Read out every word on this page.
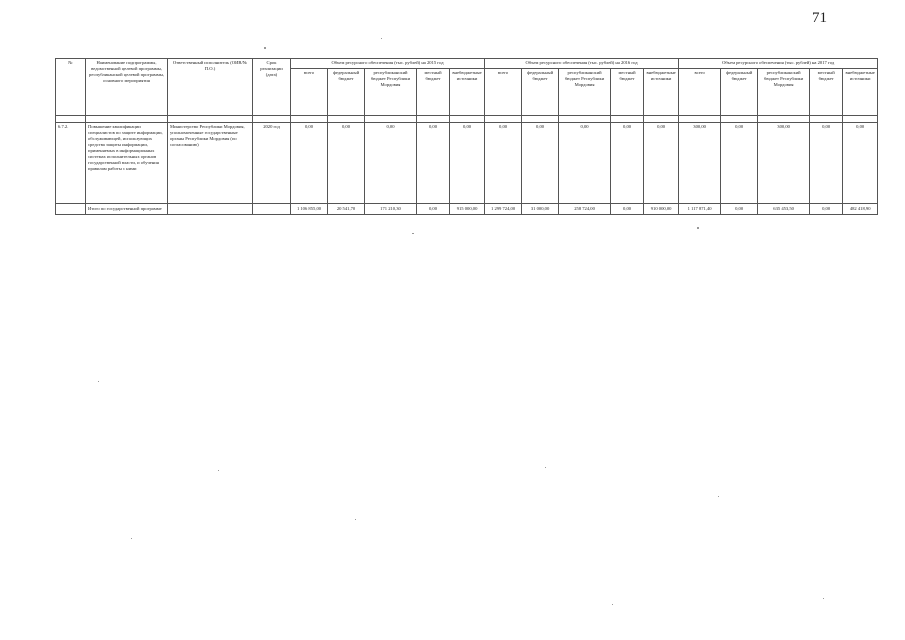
71
№	Наименование подпрограммы, ведомственной целевой программы, республиканской целевой программы, основного мероприятия	Ответственный исполнитель (ОИВ/№ П.О.)	Срок реализации (дата)	Объем ресурсного обеспечения (тыс. рублей) на 2015 год					Объем ресурсного обеспечения (тыс. рублей) на 2016 год					Объем ресурсного обеспечения (тыс. рублей) на 2017 год				
				всего	федеральный бюджет	республиканский бюджет Республики Мордовия	местный бюджет	внебюджетные источники	всего	федеральный бюджет	республиканский бюджет Республики Мордовия	местный бюджет	внебюджетные источники	всего	федеральный бюджет	республиканский бюджет Республики Мордовия	местный бюджет	внебюджетные источники

6.7.2.	Повышение квалификации специалистов по защите информации, обслуживающей, использующих средства защиты информации, применяемых в информационных системах исполнительных органов государственной власти, и обучения правилам работы с ними	Министерство Республики Мордовия, уполномоченные государственные органы Республики Мордовия (по согласованию)	2020 год	0,00	0,00	0,00	0,00	0,00	0,00	0,00	0,00	0,00	0,00	300,00	0,00	300,00	0,00	0,00
	Итого по государственной программе			1 106 855,00	20 541,70	171 210,30	0,00	915 000,00	1 299 724,00	31 000,00	258 724,00	0,00	910 000,00	1 117 871,40	0,00	635 453,50	0,00	482 418,90
